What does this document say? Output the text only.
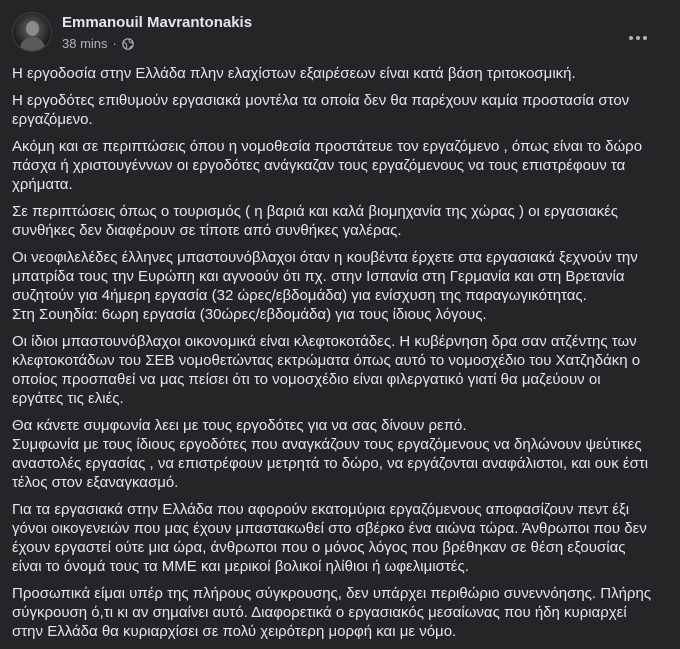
Emmanouil Mavrantonakis
38 mins ·

Η εργοδοσία στην Ελλάδα πλην ελαχίστων εξαιρέσεων είναι κατά βάση τριτοκοσμική.

Η εργοδότες επιθυμούν εργασιακά μοντέλα τα οποία δεν θα παρέχουν καμία προστασία στον εργαζόμενο.

Ακόμη και σε περιπτώσεις όπου η νομοθεσία προστάτευε τον εργαζόμενο , όπως είναι το δώρο πάσχα ή χριστουγέννων οι εργοδότες ανάγκαζαν τους εργαζόμενους να τους επιστρέφουν τα χρήματα.

Σε περιπτώσεις όπως ο τουρισμός ( η βαριά και καλά βιομηχανία της χώρας ) οι εργασιακές συνθήκες δεν διαφέρουν σε τίποτε από συνθήκες γαλέρας.

Οι νεοφιλελέδες έλληνες μπαστουνόβλαχοι όταν η κουβέντα έρχετε στα εργασιακά ξεχνούν την μπατρίδα τους την Ευρώπη και αγνοούν ότι πχ. στην Ισπανία στη Γερμανία και στη Βρετανία συζητούν για 4ήμερη εργασία (32 ώρες/εβδομάδα) για ενίσχυση της παραγωγικότητας.

Στη Σουηδία: 6ωρη εργασία (30ώρες/εβδομάδα) για τους ίδιους λόγους.

Οι ίδιοι μπαστουνόβλαχοι οικονομικά είναι κλεφτοκοτάδες. Η κυβέρνηση δρα σαν ατζέντης των κλεφτοκοτάδων του ΣΕΒ νομοθετώντας εκτρώματα όπως αυτό το νομοσχέδιο του Χατζηδάκη ο οποίος προσπαθεί να μας πείσει ότι το νομοσχέδιο είναι φιλεργατικό γιατί θα μαζεύουν οι εργάτες τις ελιές.

Θα κάνετε συμφωνία λεει με τους εργοδότες για να σας δίνουν ρεπό.

Συμφωνία με τους ίδιους εργοδότες που αναγκάζουν τους εργαζόμενους να δηλώνουν ψεύτικες αναστολές εργασίας , να επιστρέφουν μετρητά το δώρο, να εργάζονται αναφάλιστοι, και ουκ έστι τέλος στον εξαναγκασμό.

Για τα εργασιακά στην Ελλάδα που αφορούν εκατομύρια εργαζόμενους αποφασίζουν πεντ έξι γόνοι οικογενειών που μας έχουν μπαστακωθεί στο σβέρκο ένα αιώνα τώρα. Άνθρωποι που δεν έχουν εργαστεί ούτε μια ώρα, άνθρωποι που ο μόνος λόγος που βρέθηκαν σε θέση εξουσίας είναι το όνομά τους τα ΜΜΕ και μερικοί βολικοί ηλίθιοι ή ωφελιμιστές.

Προσωπικά είμαι υπέρ της πλήρους σύγκρουσης, δεν υπάρχει περιθώριο συνεννόησης. Πλήρης σύγκρουση ό,τι κι αν σημαίνει αυτό. Διαφορετικά ο εργασιακός μεσαίωνας που ήδη κυριαρχεί στην Ελλάδα θα κυριαρχίσει σε πολύ χειρότερη μορφή και με νόμο.
